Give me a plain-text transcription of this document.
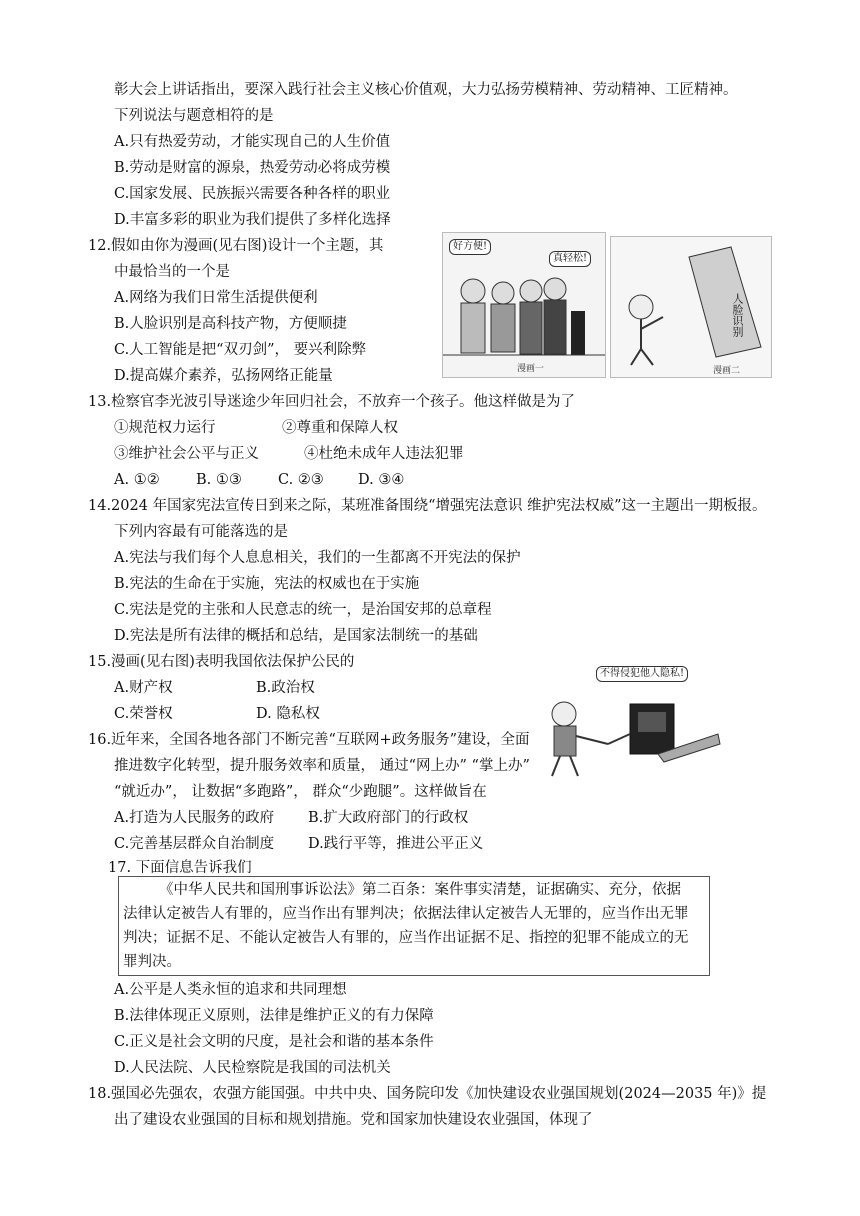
彰大会上讲话指出，要深入践行社会主义核心价值观，大力弘扬劳模精神、劳动精神、工匠精神。
下列说法与题意相符的是
A.只有热爱劳动，才能实现自己的人生价值
B.劳动是财富的源泉，热爱劳动必将成劳模
C.国家发展、民族振兴需要各种各样的职业
D.丰富多彩的职业为我们提供了多样化选择
12.假如由你为漫画(见右图)设计一个主题，其
中最恰当的一个是
A.网络为我们日常生活提供便利
B.人脸识别是高科技产物，方便顺捷
C.人工智能是把“双刃剑”， 要兴利除弊
D.提高媒介素养，弘扬网络正能量
好方便!
真轻松!
漫画一
人脸识别
漫画二
13.检察官李光波引导迷途少年回归社会，不放弃一个孩子。他这样做是为了
①规范权力运行	②尊重和保障人权
③维护社会公平与正义	④杜绝未成年人违法犯罪
A. ①②	B. ①③ C. ②③ D. ③④
14.2024 年国家宪法宣传日到来之际，某班准备围绕“增强宪法意识 维护宪法权威”这一主题出一期板报。
下列内容最有可能落选的是
A.宪法与我们每个人息息相关，我们的一生都离不开宪法的保护
B.宪法的生命在于实施，宪法的权威也在于实施
C.宪法是党的主张和人民意志的统一，是治国安邦的总章程
D.宪法是所有法律的概括和总结，是国家法制统一的基础
15.漫画(见右图)表明我国依法保护公民的
A.财产权	B.政治权
C.荣誉权	D. 隐私权
不得侵犯他人隐私!
16.近年来，全国各地各部门不断完善“互联网+政务服务”建设，全面
推进数字化转型，提升服务效率和质量， 通过“网上办” “掌上办”
“就近办”， 让数据“多跑路”， 群众“少跑腿”。这样做旨在
A.打造为人民服务的政府 B.扩大政府部门的行政权
C.完善基层群众自治制度 D.践行平等，推进公平正义
17. 下面信息告诉我们
《中华人民共和国刑事诉讼法》第二百条：案件事实清楚，证据确实、充分，依据
法律认定被告人有罪的，应当作出有罪判决；依据法律认定被告人无罪的，应当作出无罪
判决；证据不足、不能认定被告人有罪的，应当作出证据不足、指控的犯罪不能成立的无
罪判决。
A.公平是人类永恒的追求和共同理想
B.法律体现正义原则，法律是维护正义的有力保障
C.正义是社会文明的尺度，是社会和谐的基本条件
D.人民法院、人民检察院是我国的司法机关
18.强国必先强农，农强方能国强。中共中央、国务院印发《加快建设农业强国规划(2024—2035 年)》提
出了建设农业强国的目标和规划措施。党和国家加快建设农业强国，体现了
